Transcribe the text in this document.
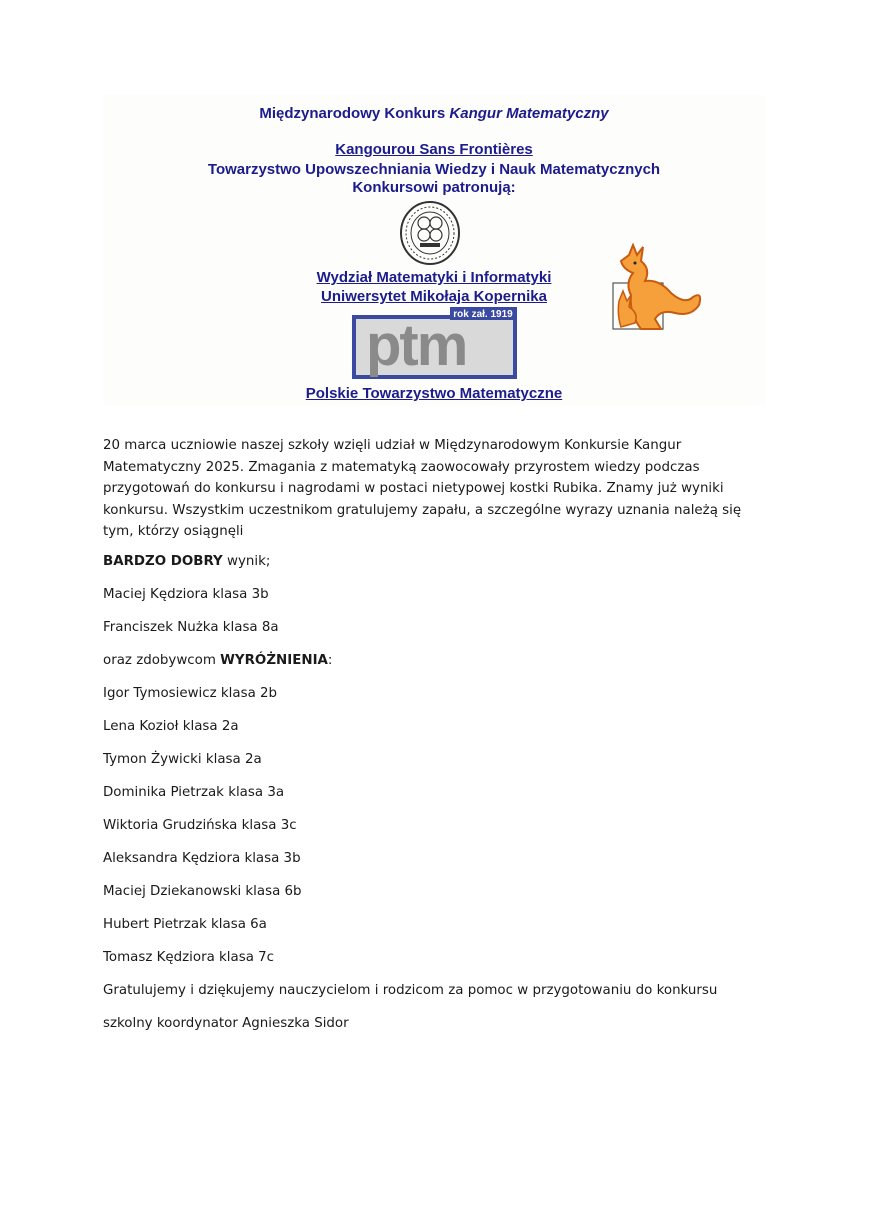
Międzynarodowy Konkurs Kangur Matematyczny
Kangourou Sans Frontières
Towarzystwo Upowszechniania Wiedzy i Nauk Matematycznych
Konkursowi patronują:
Wydział Matematyki i Informatyki
Uniwersytet Mikołaja Kopernika
rok zał. 1919
ptm
Polskie Towarzystwo Matematyczne

20 marca uczniowie naszej szkoły wzięli udział w Międzynarodowym Konkursie Kangur Matematyczny 2025. Zmagania z matematyką zaowocowały przyrostem wiedzy podczas przygotowań do konkursu i nagrodami w postaci nietypowej kostki Rubika. Znamy już wyniki konkursu. Wszystkim uczestnikom gratulujemy zapału, a szczególne wyrazy uznania należą się tym, którzy osiągnęli

BARDZO DOBRY wynik;
Maciej Kędziora klasa 3b
Franciszek Nużka klasa 8a
oraz zdobywcom WYRÓŻNIENIA:
Igor Tymosiewicz klasa 2b
Lena Kozioł klasa 2a
Tymon Żywicki klasa 2a
Dominika Pietrzak klasa 3a
Wiktoria Grudzińska klasa 3c
Aleksandra Kędziora klasa 3b
Maciej Dziekanowski klasa 6b
Hubert Pietrzak klasa 6a
Tomasz Kędziora klasa 7c
Gratulujemy i dziękujemy nauczycielom i rodzicom za pomoc w przygotowaniu do konkursu
szkolny koordynator Agnieszka Sidor
